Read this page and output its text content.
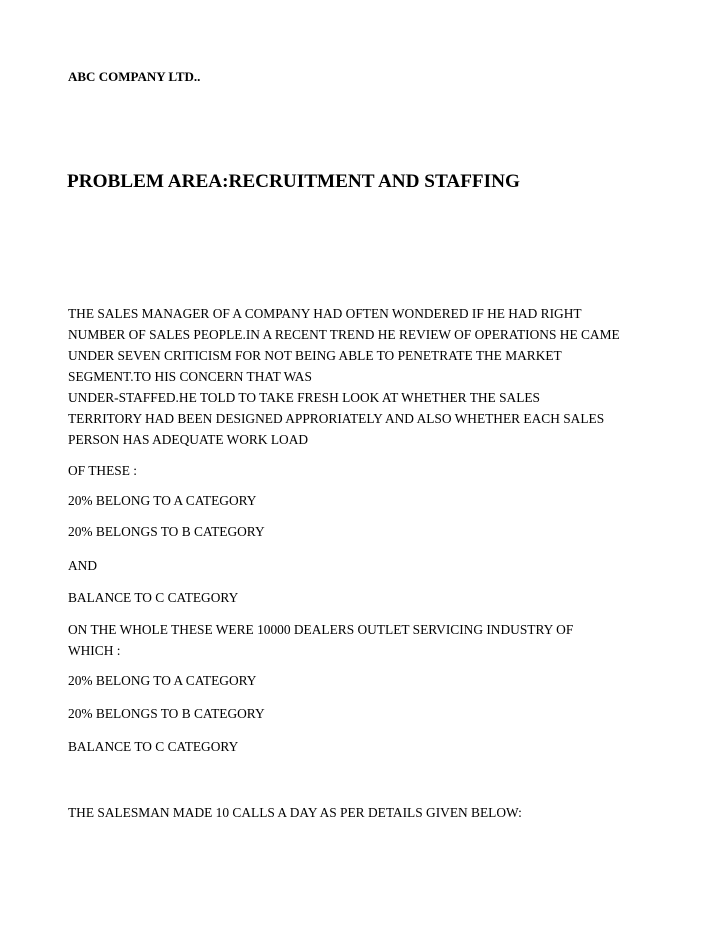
ABC COMPANY LTD..

PROBLEM AREA:RECRUITMENT AND STAFFING

THE SALES MANAGER OF A COMPANY HAD OFTEN WONDERED IF HE HAD RIGHT
NUMBER OF SALES PEOPLE.IN A RECENT TREND HE REVIEW OF OPERATIONS HE CAME
UNDER SEVEN CRITICISM FOR NOT BEING ABLE TO PENETRATE THE MARKET
SEGMENT.TO HIS CONCERN THAT WAS

UNDER-STAFFED.HE TOLD TO TAKE FRESH LOOK AT WHETHER THE SALES
TERRITORY HAD BEEN DESIGNED APPRORIATELY AND ALSO WHETHER EACH SALES
PERSON HAS ADEQUATE WORK LOAD

OF THESE :

20% BELONG TO A CATEGORY

20% BELONGS TO B CATEGORY

AND

BALANCE TO C CATEGORY

ON THE WHOLE THESE WERE 10000 DEALERS OUTLET SERVICING INDUSTRY OF
WHICH :

20% BELONG TO A CATEGORY

20% BELONGS TO B CATEGORY

BALANCE TO C CATEGORY

THE SALESMAN MADE 10 CALLS A DAY AS PER DETAILS GIVEN BELOW:
